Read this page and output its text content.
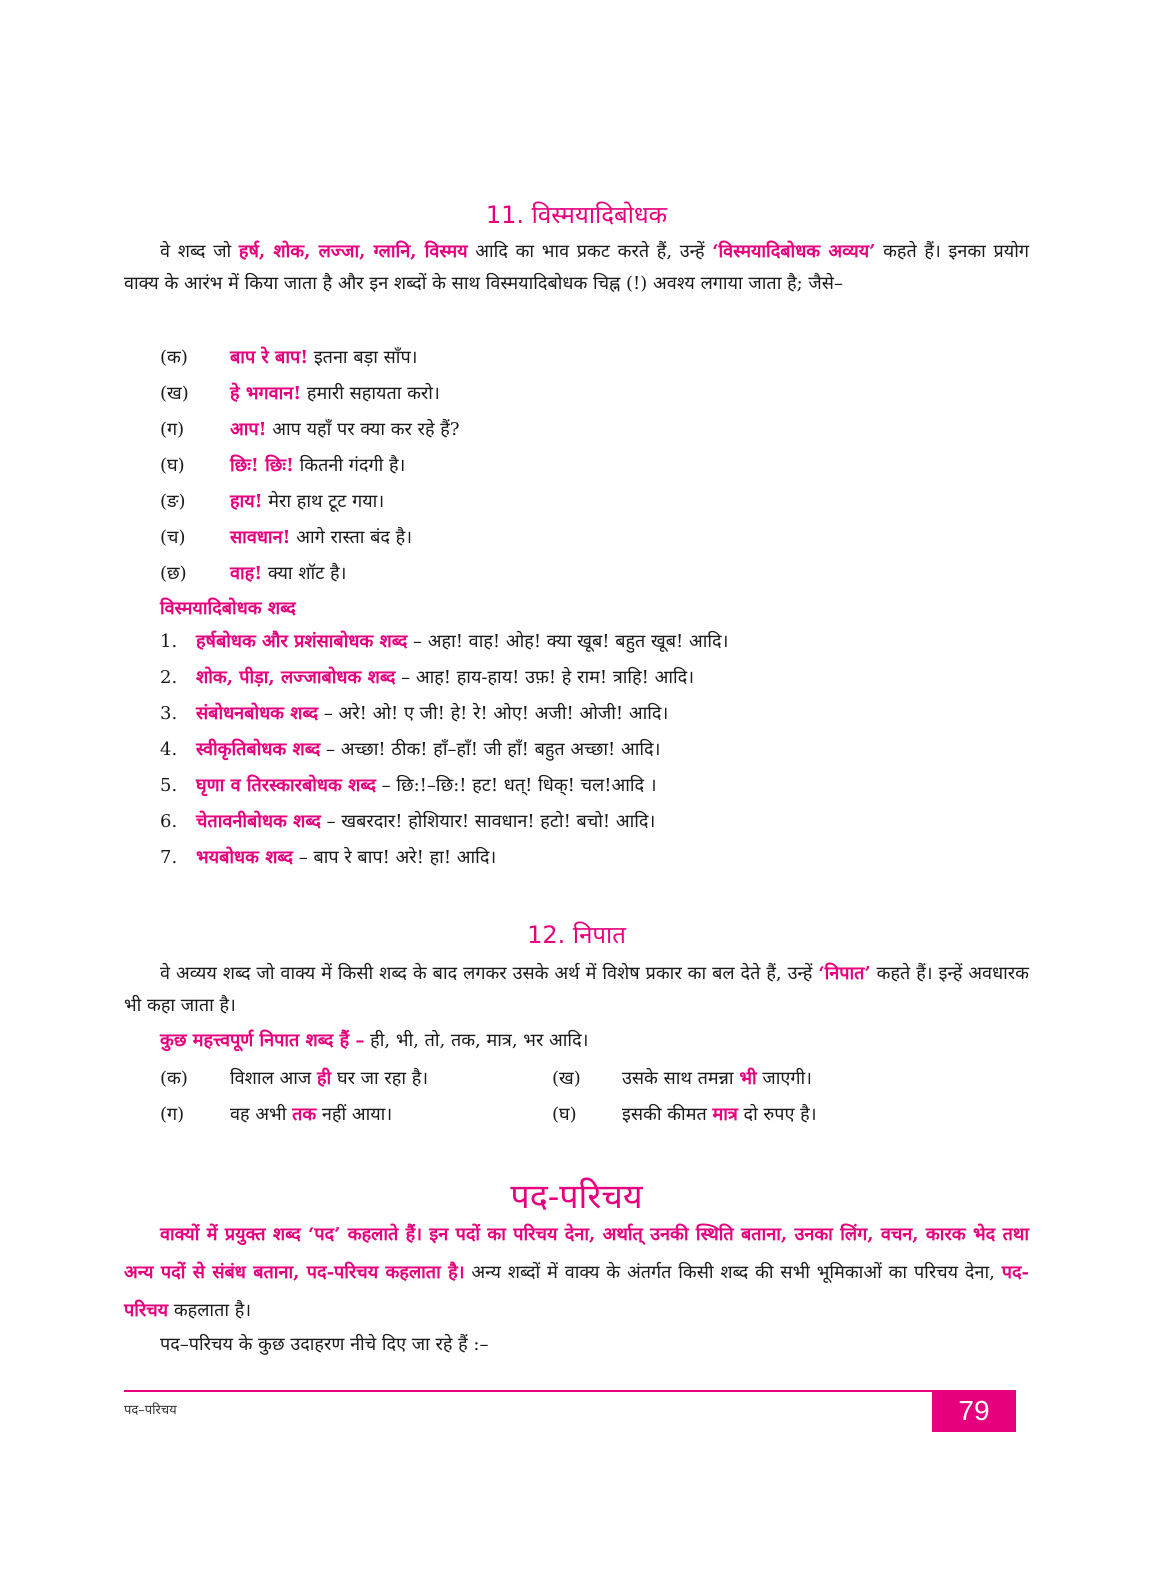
11. विस्मयादिबोधक
वे शब्द जो हर्ष, शोक, लज्जा, ग्लानि, विस्मय आदि का भाव प्रकट करते हैं, उन्हें ‘विस्मयादिबोधक अव्यय’ कहते हैं। इनका प्रयोग वाक्य के आरंभ में किया जाता है और इन शब्दों के साथ विस्मयादिबोधक चिह्न (!) अवश्य लगाया जाता है; जैसे–
(क) बाप रे बाप! इतना बड़ा साँप।
(ख) हे भगवान! हमारी सहायता करो।
(ग)	आप! आप यहाँ पर क्या कर रहे हैं?
(घ)	छिः! छिः! कितनी गंदगी है।
(ङ) हाय! मेरा हाथ टूट गया।
(च) सावधान! आगे रास्ता बंद है।
(छ) वाह! क्या शॉट है।
विस्मयादिबोधक शब्द
1. हर्षबोधक और प्रशंसाबोधक शब्द – अहा! वाह! ओह! क्या खूब! बहुत खूब! आदि।
2. शोक, पीड़ा, लज्जाबोधक शब्द – आह! हाय-हाय! उफ़! हे राम! त्राहि! आदि।
3. संबोधनबोधक शब्द – अरे! ओ! ए जी! हे! रे! ओए! अजी! ओजी! आदि।
4. स्वीकृतिबोधक शब्द – अच्छा! ठीक! हाँ–हाँ! जी हाँ! बहुत अच्छा! आदि।
5. घृणा व तिरस्कारबोधक शब्द – छि:!–छि:! हट! धत्! धिक्! चल!आदि ।
6. चेतावनीबोधक शब्द – खबरदार! होशियार! सावधान! हटो! बचो! आदि।
7. भयबोधक शब्द – बाप रे बाप! अरे! हा! आदि।
12. निपात
वे अव्यय शब्द जो वाक्य में किसी शब्द के बाद लगकर उसके अर्थ में विशेष प्रकार का बल देते हैं, उन्हें ‘निपात’ कहते हैं। इन्हें अवधारक भी कहा जाता है।
कुछ महत्त्वपूर्ण निपात शब्द हैं – ही, भी, तो, तक, मात्र, भर आदि।
(क) विशाल आज ही घर जा रहा है।	(ख) उसके साथ तमन्ना भी जाएगी।
(ग)	वह अभी तक नहीं आया।	(घ)	इसकी कीमत मात्र दो रुपए है।
पद-परिचय
वाक्यों में प्रयुक्त शब्द ‘पद’ कहलाते हैं। इन पदों का परिचय देना, अर्थात् उनकी स्थिति बताना, उनका लिंग, वचन, कारक भेद तथा अन्य पदों से संबंध बताना, पद-परिचय कहलाता है। अन्य शब्दों में वाक्य के अंतर्गत किसी शब्द की सभी भूमिकाओं का परिचय देना, पद-परिचय कहलाता है।
पद–परिचय के कुछ उदाहरण नीचे दिए जा रहे हैं :–
पद–परिचय	79
